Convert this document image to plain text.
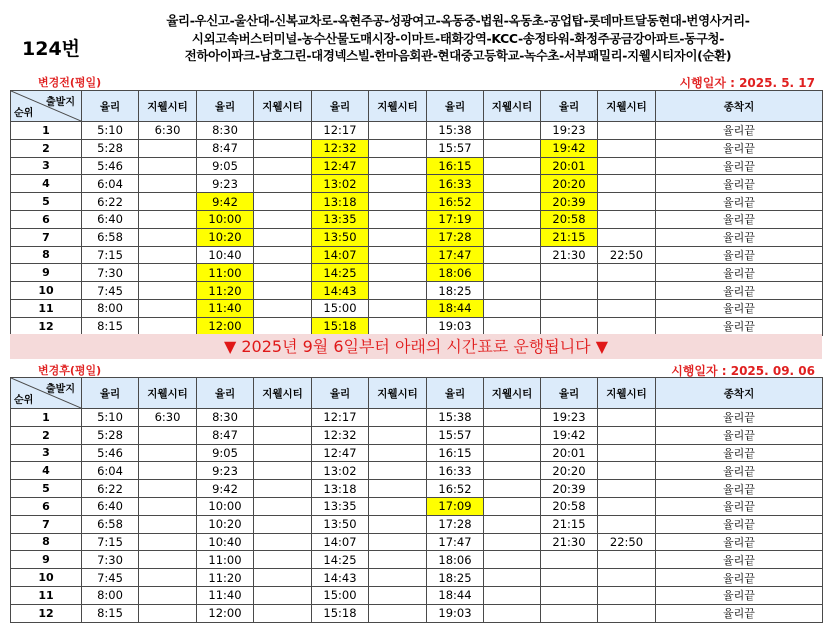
124번
율리-우신고-울산대-신복교차로-옥현주공-성광여고-옥동중-법원-옥동초-공업탑-롯데마트달동현대-번영사거리-
시외고속버스터미널-농수산물도매시장-이마트-태화강역-KCC-송정타워-화정주공금강아파트-동구청-
전하아이파크-남호그린-대경넥스빌-한마음회관-현대중고등학교-녹수초-서부패밀리-지웰시티자이(순환)
변경전(평일)	시행일자 : 2025. 5. 17
출발지
순위	율리	지웰시티	율리	지웰시티	율리	지웰시티	율리	지웰시티	율리	지웰시티	종착지
1	5:10	6:30	8:30		12:17		15:38		19:23		율리끝
2	5:28		8:47		12:32		15:57		19:42		율리끝
3	5:46		9:05		12:47		16:15		20:01		율리끝
4	6:04		9:23		13:02		16:33		20:20		율리끝
5	6:22		9:42		13:18		16:52		20:39		율리끝
6	6:40		10:00		13:35		17:19		20:58		율리끝
7	6:58		10:20		13:50		17:28		21:15		율리끝
8	7:15		10:40		14:07		17:47		21:30	22:50	율리끝
9	7:30		11:00		14:25		18:06				율리끝
10	7:45		11:20		14:43		18:25				율리끝
11	8:00		11:40		15:00		18:44				율리끝
12	8:15		12:00		15:18		19:03				율리끝
▼ 2025년 9월 6일부터 아래의 시간표로 운행됩니다 ▼
변경후(평일)	시행일자 : 2025. 09. 06
출발지
순위	율리	지웰시티	율리	지웰시티	율리	지웰시티	율리	지웰시티	율리	지웰시티	종착지
1	5:10	6:30	8:30		12:17		15:38		19:23		율리끝
2	5:28		8:47		12:32		15:57		19:42		율리끝
3	5:46		9:05		12:47		16:15		20:01		율리끝
4	6:04		9:23		13:02		16:33		20:20		율리끝
5	6:22		9:42		13:18		16:52		20:39		율리끝
6	6:40		10:00		13:35		17:09		20:58		율리끝
7	6:58		10:20		13:50		17:28		21:15		율리끝
8	7:15		10:40		14:07		17:47		21:30	22:50	율리끝
9	7:30		11:00		14:25		18:06				율리끝
10	7:45		11:20		14:43		18:25				율리끝
11	8:00		11:40		15:00		18:44				율리끝
12	8:15		12:00		15:18		19:03				율리끝
